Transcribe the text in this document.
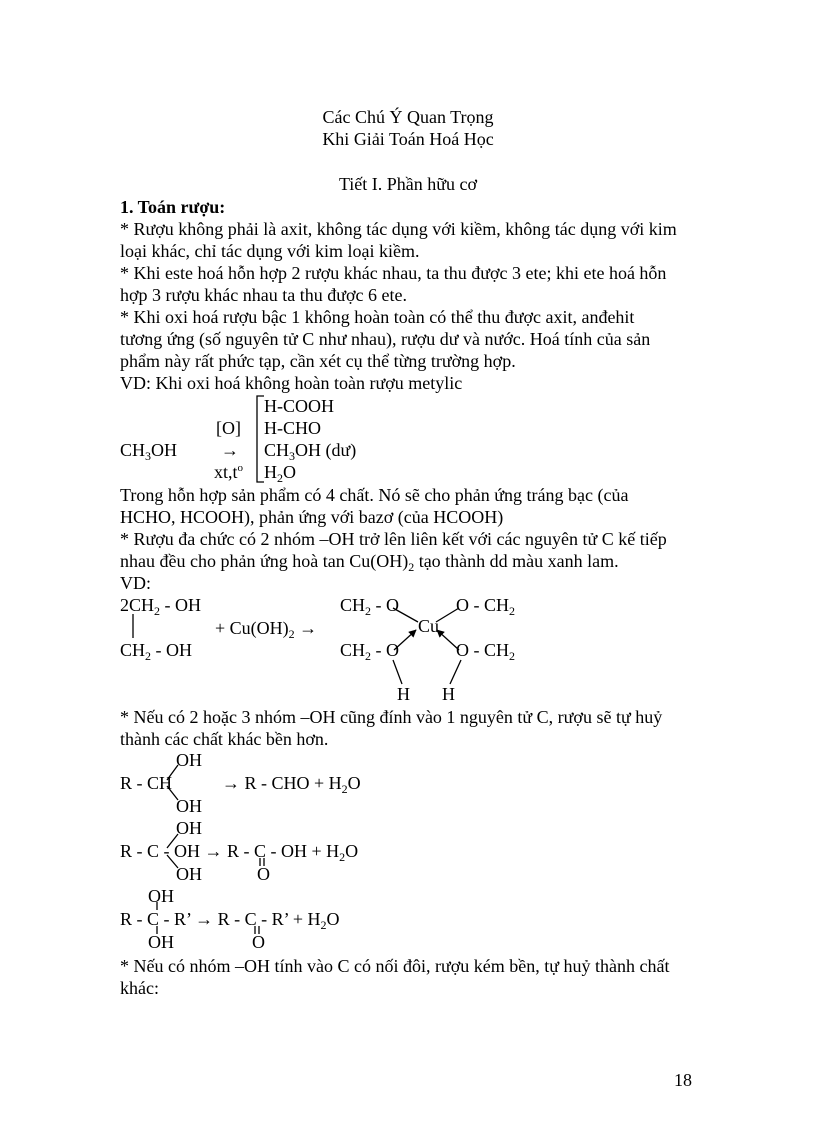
Các Chú Ý Quan Trọng

Khi Giải Toán Hoá Học

Tiết I. Phần hữu cơ

1. Toán rượu:

* Rượu không phải là axit, không tác dụng với kiềm, không tác dụng với kim

loại khác, chỉ tác dụng với kim loại kiềm.

* Khi este hoá hỗn hợp 2 rượu khác nhau, ta thu được 3 ete; khi ete hoá hỗn

hợp 3 rượu khác nhau ta thu được 6 ete.

* Khi oxi hoá rượu bậc 1 không hoàn toàn có thể thu được axit, anđehit

tương ứng (số nguyên tử C như nhau), rượu dư và nước. Hoá tính của sản

phẩm này rất phức tạp, cần xét cụ thể từng trường hợp.

VD: Khi oxi hoá không hoàn toàn rượu metylic

$CH_3OH$

[O]

→

$xt,t^o$

H-COOH

H-CHO

$CH_3OH$ (dư)

$H_2O$

Trong hỗn hợp sản phẩm có 4 chất. Nó sẽ cho phản ứng tráng bạc (của

HCHO, HCOOH), phản ứng với bazơ (của HCOOH)

* Rượu đa chức có 2 nhóm –OH trở lên liên kết với các nguyên tử C kế tiếp

nhau đều cho phản ứng hoà $\tan Cu(OH)_2$ tạo thành dd màu xanh lam.

VD:

$2CH_2$ - OH

$CH_2$ - OH

+ $Cu(OH)_2$ →

$CH_2$ - O	O - $CH_2$

Cu

$CH_2$ - O	O - $CH_2$

H H

* Nếu có 2 hoặc 3 nhóm –OH cũng đính vào 1 nguyên tử C, rượu sẽ tự huỷ

thành các chất khác bền hơn.

OH

R - CH	→ R - CHO + $H_2O$

OH

OH

R - C - OH → R - C - OH + $H_2O$

OH	O

OH

R - C - R’ → R - C - R’ + $H_2O$

OH	O

* Nếu có nhóm –OH tính vào C có nối đôi, rượu kém bền, tự huỷ thành chất

khác:

18
